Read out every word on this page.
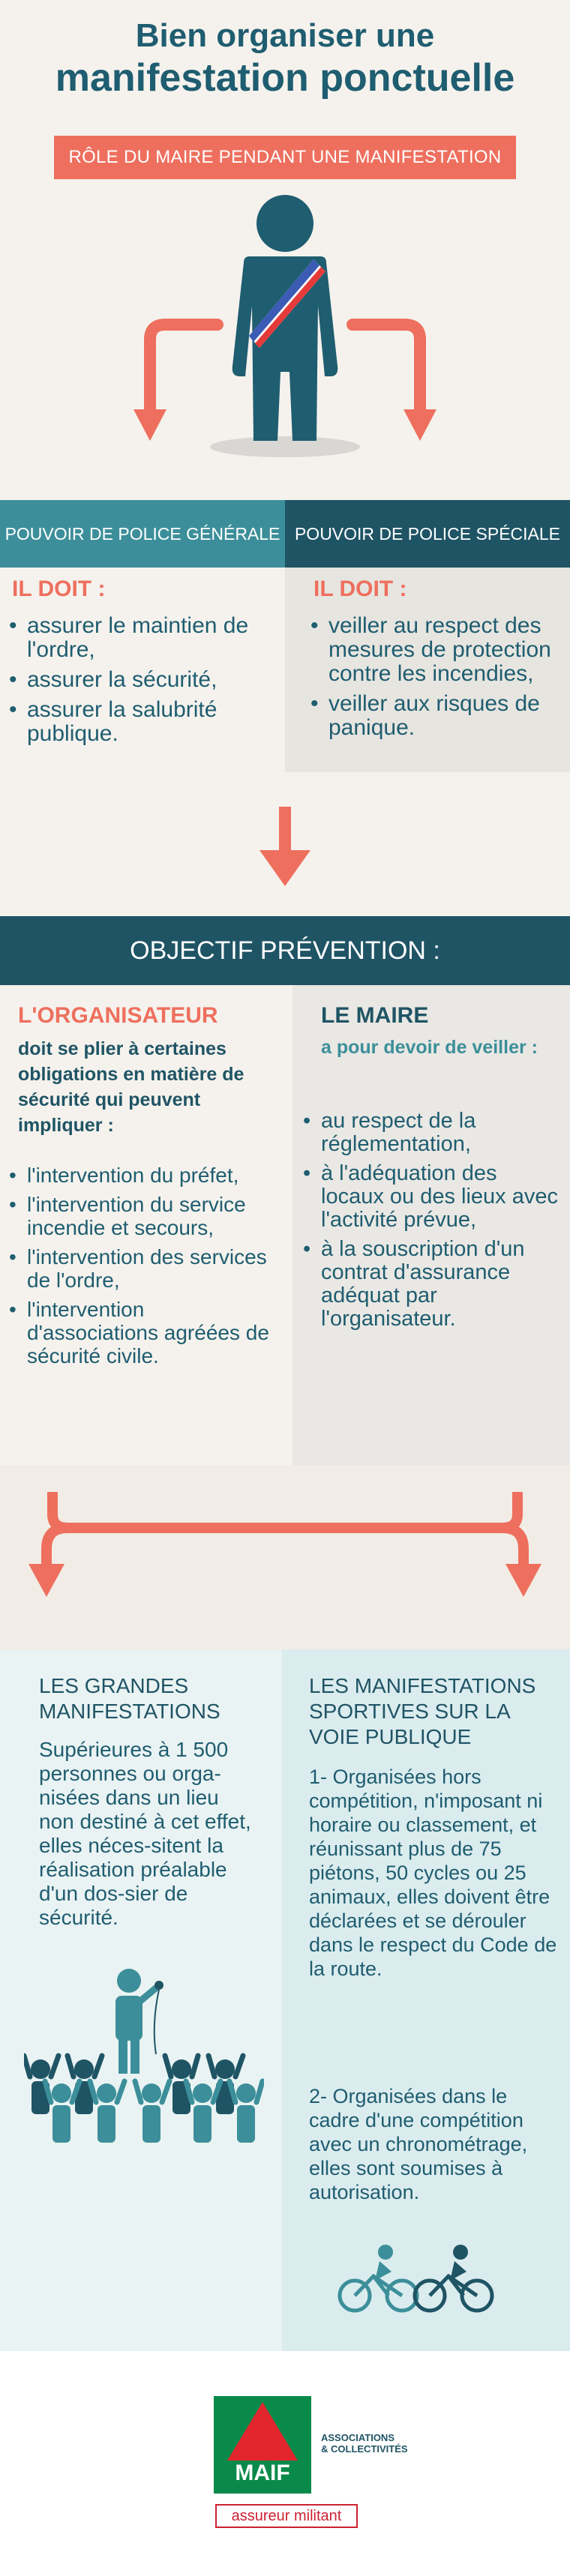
Bien organiser une
manifestation ponctuelle
RÔLE DU MAIRE PENDANT UNE MANIFESTATION
POUVOIR DE POLICE GÉNÉRALE POUVOIR DE POLICE SPÉCIALE
IL DOIT :
• assurer le maintien de l'ordre,
• assurer la sécurité,
• assurer la salubrité publique.
IL DOIT :
• veiller au respect des mesures de protection contre les incendies,
• veiller aux risques de panique.
OBJECTIF PRÉVENTION :
L'ORGANISATEUR
doit se plier à certaines obligations en matière de sécurité qui peuvent impliquer :
• l'intervention du préfet,
• l'intervention du service incendie et secours,
• l'intervention des services de l'ordre,
• l'intervention d'associations agréées de sécurité civile.
LE MAIRE
a pour devoir de veiller :
• au respect de la réglementation,
• à l'adéquation des locaux ou des lieux avec l'activité prévue,
• à la souscription d'un contrat d'assurance adéquat par l'organisateur.
LES GRANDES MANIFESTATIONS
Supérieures à 1 500 personnes ou orga-nisées dans un lieu non destiné à cet effet, elles néces-sitent la réalisation préalable d'un dos-sier de sécurité.
LES MANIFESTATIONS SPORTIVES SUR LA VOIE PUBLIQUE
1- Organisées hors compétition, n'imposant ni horaire ou classement, et réunissant plus de 75 piétons, 50 cycles ou 25 animaux, elles doivent être déclarées et se dérouler dans le respect du Code de la route.
2- Organisées dans le cadre d'une compétition avec un chronométrage, elles sont soumises à autorisation.
MAIF
ASSOCIATIONS
& COLLECTIVITÉS
assureur militant
